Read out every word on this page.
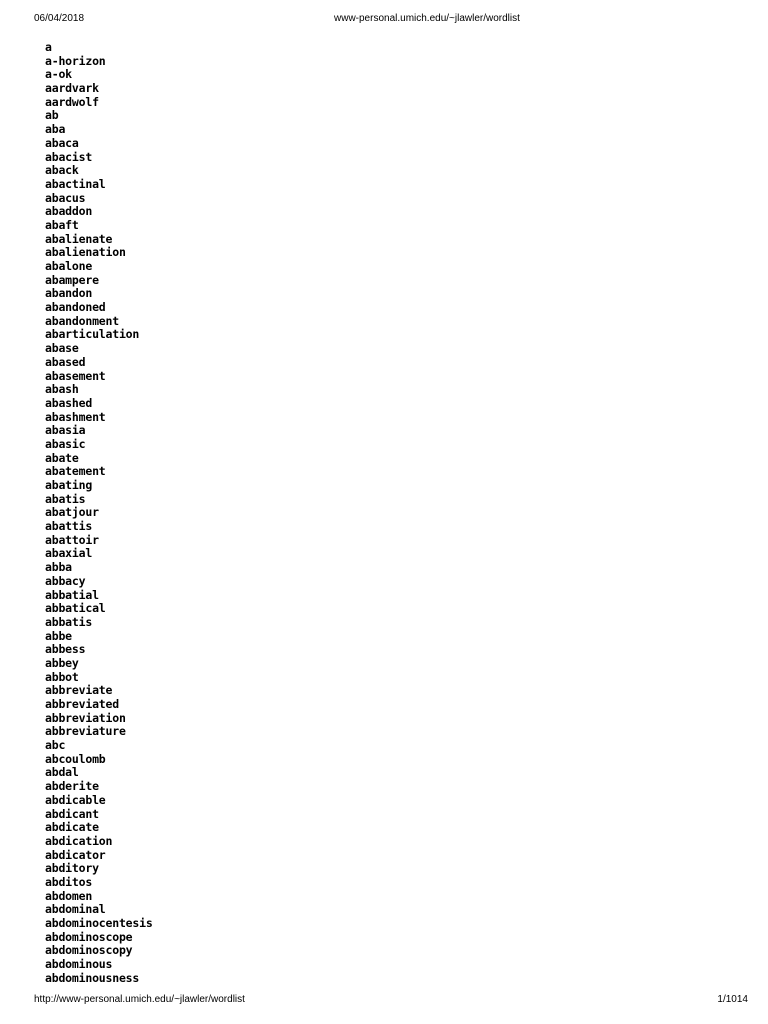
06/04/2018	www-personal.umich.edu/~jlawler/wordlist
a
a-horizon
a-ok
aardvark
aardwolf
ab
aba
abaca
abacist
aback
abactinal
abacus
abaddon
abaft
abalienate
abalienation
abalone
abampere
abandon
abandoned
abandonment
abarticulation
abase
abased
abasement
abash
abashed
abashment
abasia
abasic
abate
abatement
abating
abatis
abatjour
abattis
abattoir
abaxial
abba
abbacy
abbatial
abbatical
abbatis
abbe
abbess
abbey
abbot
abbreviate
abbreviated
abbreviation
abbreviature
abc
abcoulomb
abdal
abderite
abdicable
abdicant
abdicate
abdication
abdicator
abditory
abditos
abdomen
abdominal
abdominocentesis
abdominoscope
abdominoscopy
abdominous
abdominousness
http://www-personal.umich.edu/~jlawler/wordlist	1/1014
